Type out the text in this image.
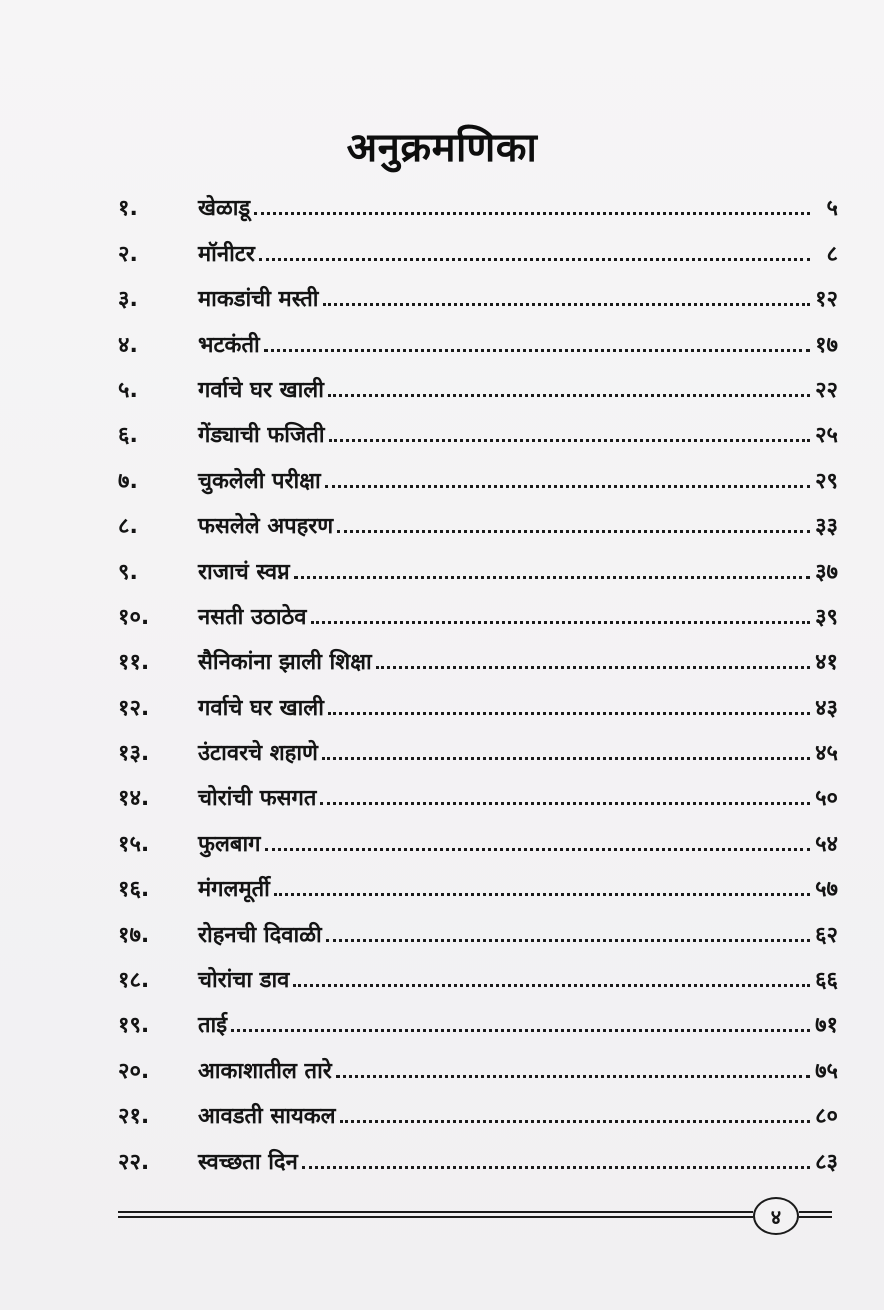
अनुक्रमणिका
१.	खेळाडू	५
२.	मॉनीटर	८
३.	माकडांची मस्ती	१२
४.	भटकंती	१७
५.	गर्वाचे घर खाली	२२
६.	गेंड्याची फजिती	२५
७.	चुकलेली परीक्षा	२९
८.	फसलेले अपहरण	३३
९.	राजाचं स्वप्न	३७
१०.	नसती उठाठेव	३९
११.	सैनिकांना झाली शिक्षा	४१
१२.	गर्वाचे घर खाली	४३
१३.	उंटावरचे शहाणे	४५
१४.	चोरांची फसगत	५०
१५.	फुलबाग	५४
१६.	मंगलमूर्ती	५७
१७.	रोहनची दिवाळी	६२
१८.	चोरांचा डाव	६६
१९.	ताई	७१
२०.	आकाशातील तारे	७५
२१.	आवडती सायकल	८०
२२.	स्वच्छता दिन	८३
४
